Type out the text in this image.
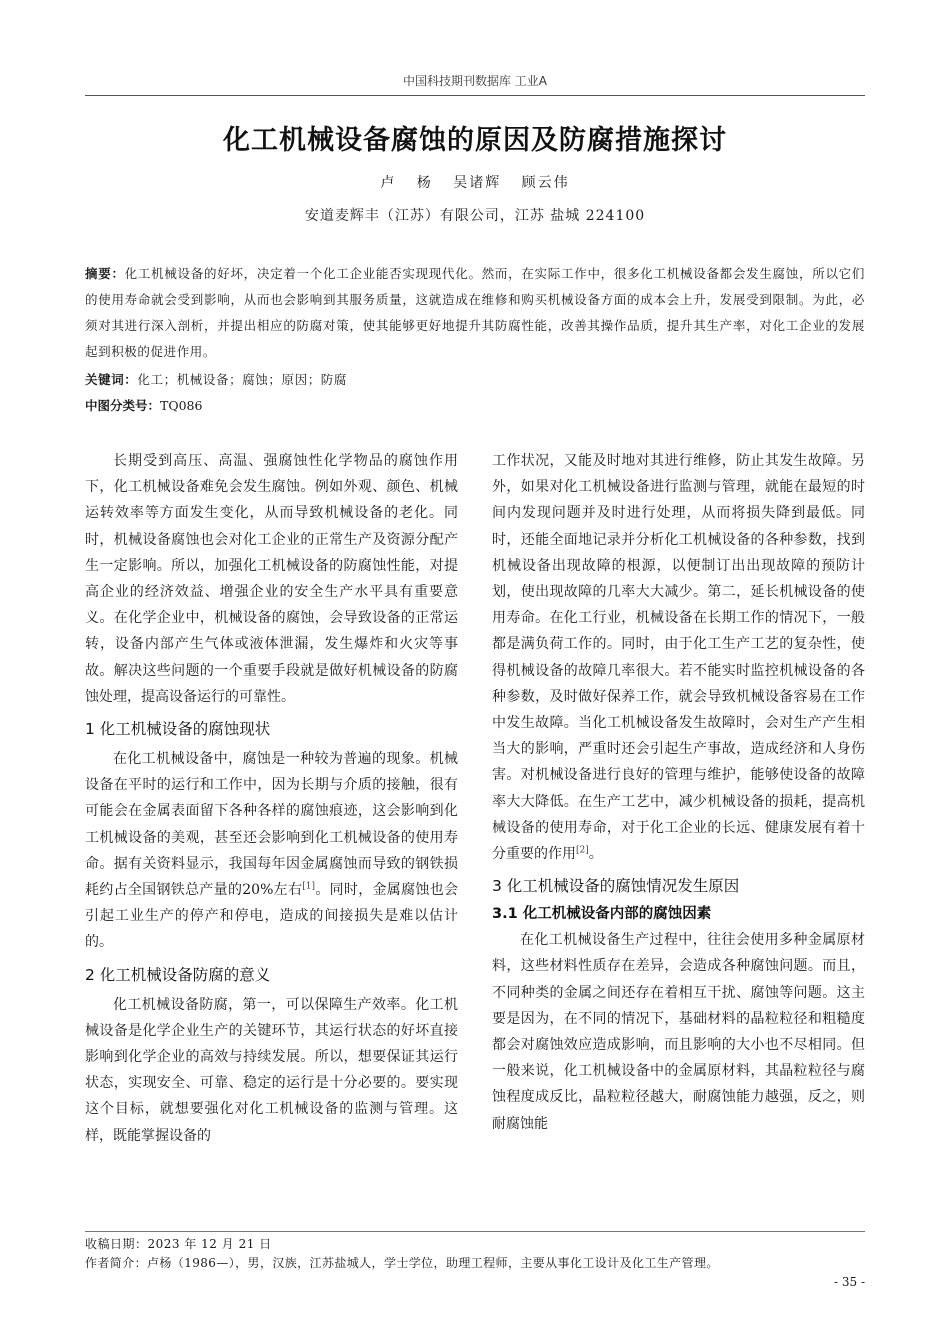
中国科技期刊数据库 工业A
化工机械设备腐蚀的原因及防腐措施探讨
卢 杨 吴诸辉 顾云伟
安道麦辉丰（江苏）有限公司，江苏 盐城 224100
摘要：化工机械设备的好坏，决定着一个化工企业能否实现现代化。然而，在实际工作中，很多化工机械设备都会发生腐蚀，所以它们的使用寿命就会受到影响，从而也会影响到其服务质量，这就造成在维修和购买机械设备方面的成本会上升，发展受到限制。为此，必须对其进行深入剖析，并提出相应的防腐对策，使其能够更好地提升其防腐性能，改善其操作品质，提升其生产率，对化工企业的发展起到积极的促进作用。
关键词：化工；机械设备；腐蚀；原因；防腐
中图分类号：TQ086

长期受到高压、高温、强腐蚀性化学物品的腐蚀作用下，化工机械设备难免会发生腐蚀。例如外观、颜色、机械运转效率等方面发生变化，从而导致机械设备的老化。同时，机械设备腐蚀也会对化工企业的正常生产及资源分配产生一定影响。所以，加强化工机械设备的防腐蚀性能，对提高企业的经济效益、增强企业的安全生产水平具有重要意义。在化学企业中，机械设备的腐蚀，会导致设备的正常运转，设备内部产生气体或液体泄漏，发生爆炸和火灾等事故。解决这些问题的一个重要手段就是做好机械设备的防腐蚀处理，提高设备运行的可靠性。

1 化工机械设备的腐蚀现状

在化工机械设备中，腐蚀是一种较为普遍的现象。机械设备在平时的运行和工作中，因为长期与介质的接触，很有可能会在金属表面留下各种各样的腐蚀痕迹，这会影响到化工机械设备的美观，甚至还会影响到化工机械设备的使用寿命。据有关资料显示，我国每年因金属腐蚀而导致的钢铁损耗约占全国钢铁总产量的20%左右[1]。同时，金属腐蚀也会引起工业生产的停产和停电，造成的间接损失是难以估计的。

2 化工机械设备防腐的意义

化工机械设备防腐，第一，可以保障生产效率。化工机械设备是化学企业生产的关键环节，其运行状态的好坏直接影响到化学企业的高效与持续发展。所以，想要保证其运行状态，实现安全、可靠、稳定的运行是十分必要的。要实现这个目标，就想要强化对化工机械设备的监测与管理。这样，既能掌握设备的

工作状况，又能及时地对其进行维修，防止其发生故障。另外，如果对化工机械设备进行监测与管理，就能在最短的时间内发现问题并及时进行处理，从而将损失降到最低。同时，还能全面地记录并分析化工机械设备的各种参数，找到机械设备出现故障的根源，以便制订出出现故障的预防计划，使出现故障的几率大大减少。第二，延长机械设备的使用寿命。在化工行业，机械设备在长期工作的情况下，一般都是满负荷工作的。同时，由于化工生产工艺的复杂性，使得机械设备的故障几率很大。若不能实时监控机械设备的各种参数，及时做好保养工作，就会导致机械设备容易在工作中发生故障。当化工机械设备发生故障时，会对生产产生相当大的影响，严重时还会引起生产事故，造成经济和人身伤害。对机械设备进行良好的管理与维护，能够使设备的故障率大大降低。在生产工艺中，减少机械设备的损耗，提高机械设备的使用寿命，对于化工企业的长远、健康发展有着十分重要的作用[2]。

3 化工机械设备的腐蚀情况发生原因
3.1 化工机械设备内部的腐蚀因素

在化工机械设备生产过程中，往往会使用多种金属原材料，这些材料性质存在差异，会造成各种腐蚀问题。而且，不同种类的金属之间还存在着相互干扰、腐蚀等问题。这主要是因为，在不同的情况下，基础材料的晶粒粒径和粗糙度都会对腐蚀效应造成影响，而且影响的大小也不尽相同。但一般来说，化工机械设备中的金属原材料，其晶粒粒径与腐蚀程度成反比，晶粒粒径越大，耐腐蚀能力越强，反之，则耐腐蚀能

收稿日期：2023 年 12 月 21 日
作者简介：卢杨（1986—），男，汉族，江苏盐城人，学士学位，助理工程师，主要从事化工设计及化工生产管理。
- 35 -
